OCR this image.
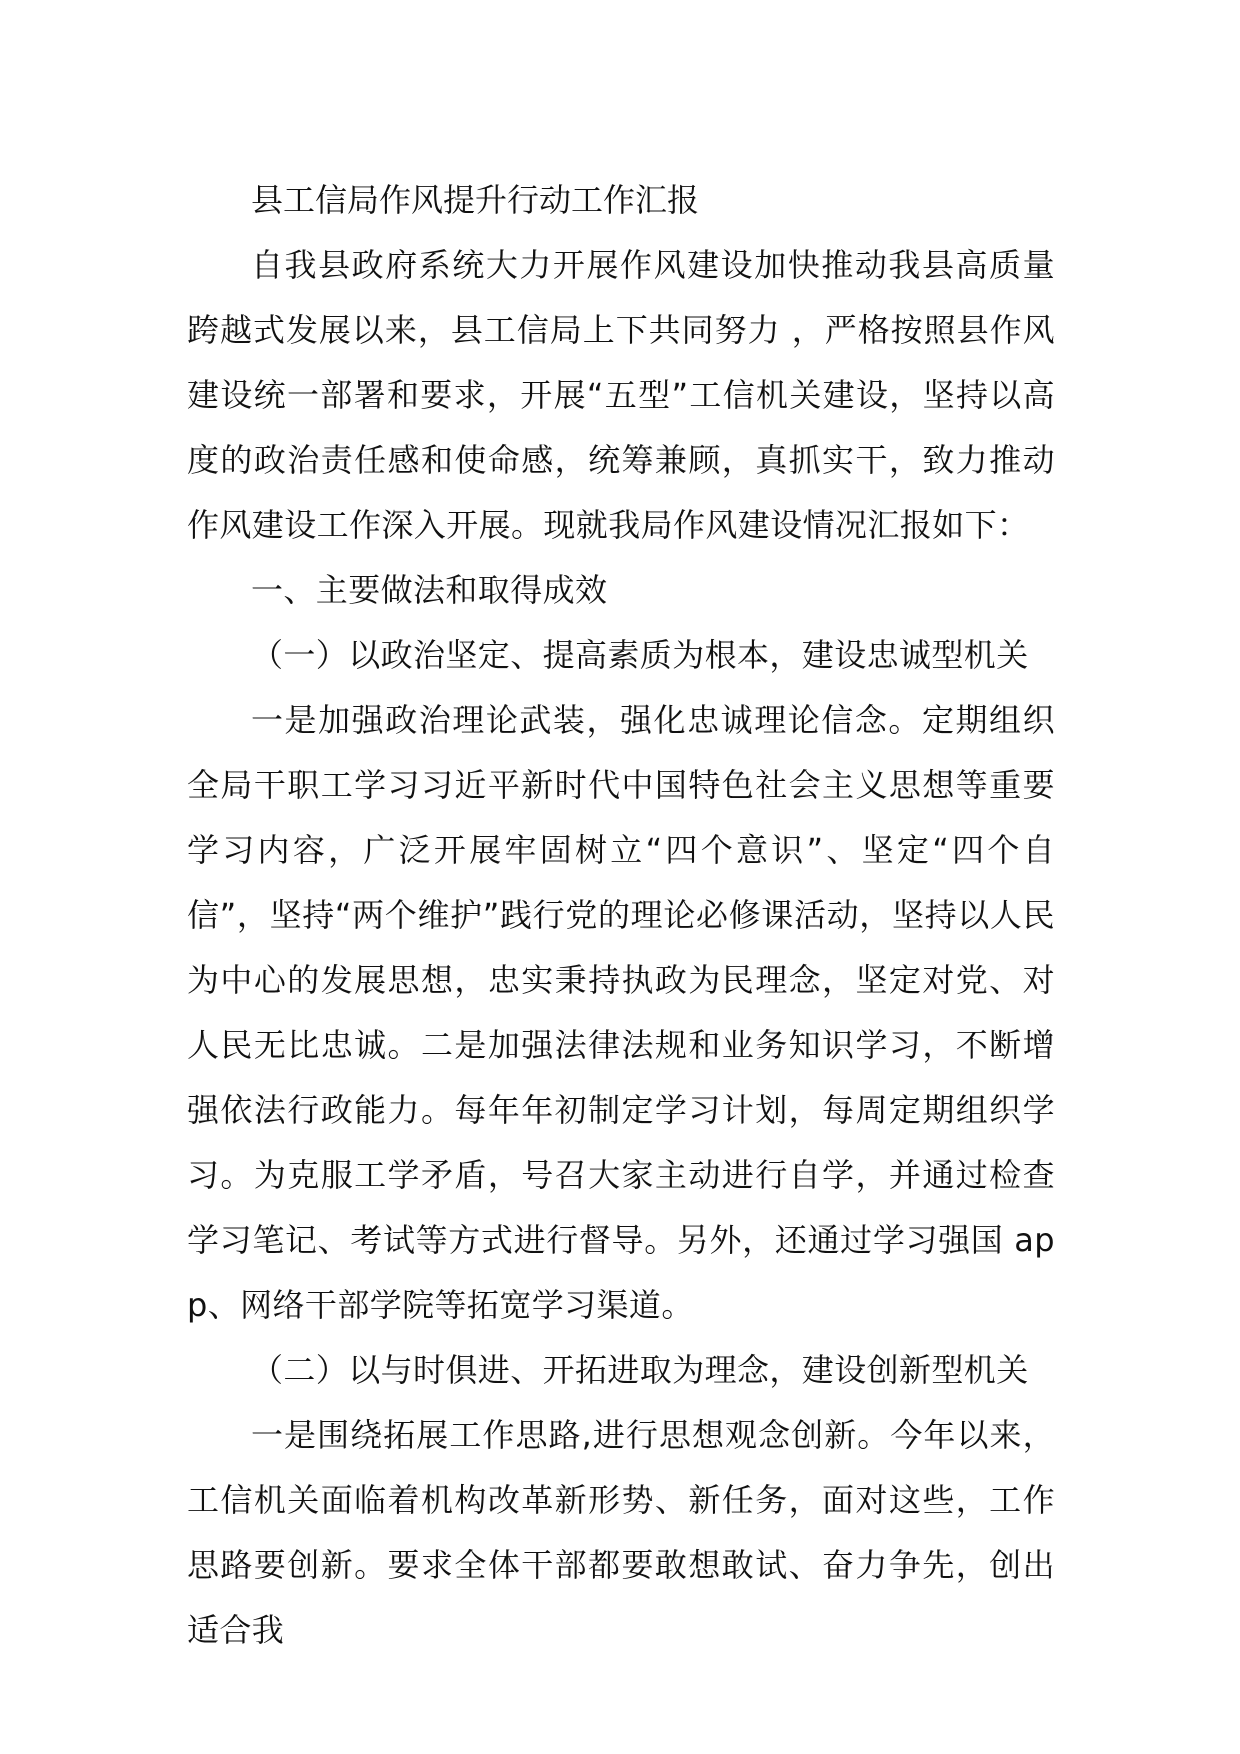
县工信局作风提升行动工作汇报

自我县政府系统大力开展作风建设加快推动我县高质量跨越式发展以来，县工信局上下共同努力 ，严格按照县作风建设统一部署和要求，开展“五型”工信机关建设，坚持以高度的政治责任感和使命感，统筹兼顾，真抓实干，致力推动作风建设工作深入开展。现就我局作风建设情况汇报如下：

一、主要做法和取得成效

（一）以政治坚定、提高素质为根本，建设忠诚型机关

一是加强政治理论武装，强化忠诚理论信念。定期组织全局干职工学习习近平新时代中国特色社会主义思想等重要学习内容，广泛开展牢固树立“四个意识”、坚定“四个自信”，坚持“两个维护”践行党的理论必修课活动，坚持以人民为中心的发展思想，忠实秉持执政为民理念，坚定对党、对人民无比忠诚。二是加强法律法规和业务知识学习，不断增强依法行政能力。每年年初制定学习计划，每周定期组织学习。为克服工学矛盾，号召大家主动进行自学，并通过检查学习笔记、考试等方式进行督导。另外，还通过学习强国 app、网络干部学院等拓宽学习渠道。

（二）以与时俱进、开拓进取为理念，建设创新型机关

一是围绕拓展工作思路,进行思想观念创新。今年以来，工信机关面临着机构改革新形势、新任务，面对这些，工作思路要创新。要求全体干部都要敢想敢试、奋力争先，创出适合我
